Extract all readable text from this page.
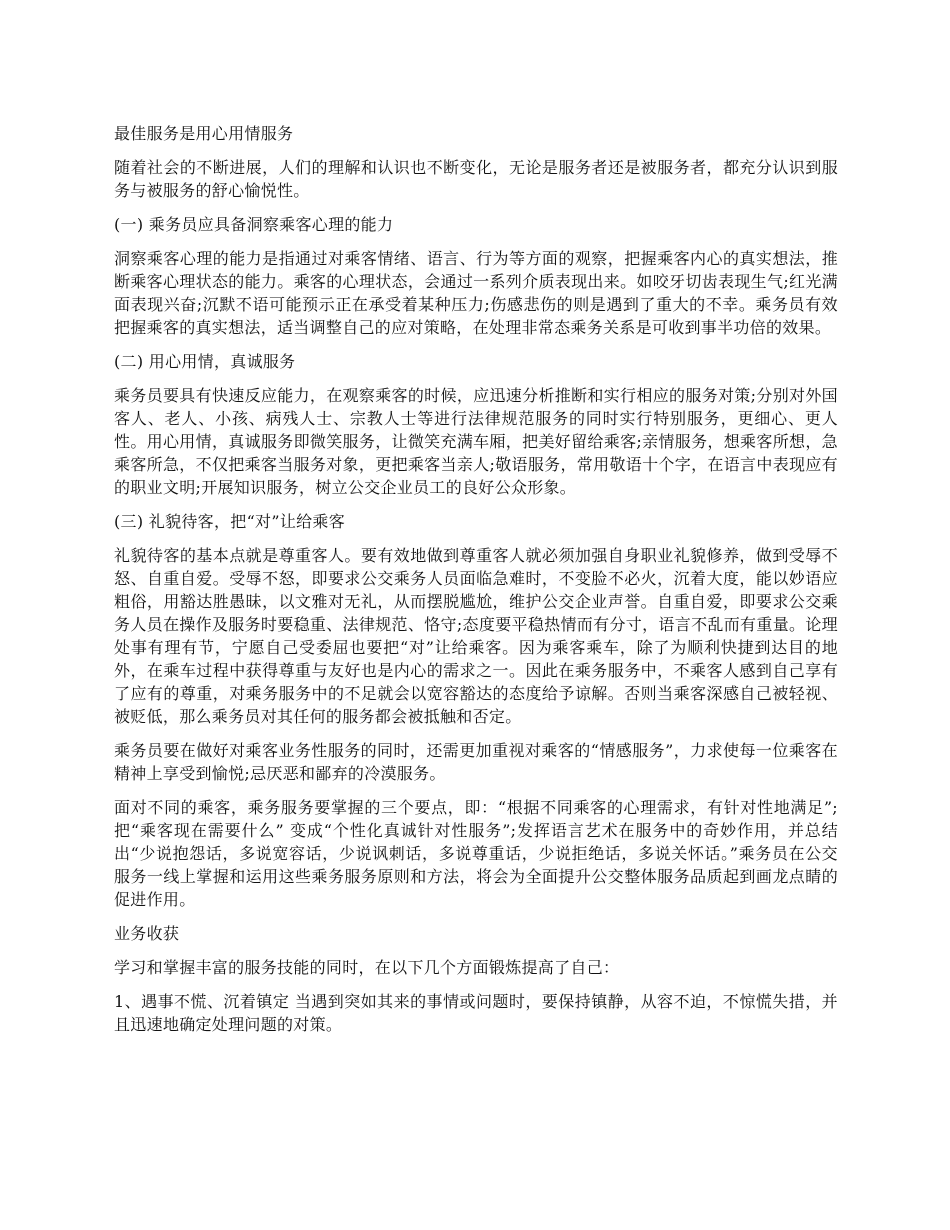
最佳服务是用心用情服务

随着社会的不断进展，人们的理解和认识也不断变化，无论是服务者还是被服务者，都充分认识到服务与被服务的舒心愉悦性。

(一) 乘务员应具备洞察乘客心理的能力

洞察乘客心理的能力是指通过对乘客情绪、语言、行为等方面的观察，把握乘客内心的真实想法，推断乘客心理状态的能力。乘客的心理状态，会通过一系列介质表现出来。如咬牙切齿表现生气;红光满面表现兴奋;沉默不语可能预示正在承受着某种压力;伤感悲伤的则是遇到了重大的不幸。乘务员有效把握乘客的真实想法，适当调整自己的应对策略，在处理非常态乘务关系是可收到事半功倍的效果。

(二) 用心用情，真诚服务

乘务员要具有快速反应能力，在观察乘客的时候，应迅速分析推断和实行相应的服务对策;分别对外国客人、老人、小孩、病残人士、宗教人士等进行法律规范服务的同时实行特别服务，更细心、更人性。用心用情，真诚服务即微笑服务，让微笑充满车厢，把美好留给乘客;亲情服务，想乘客所想，急乘客所急，不仅把乘客当服务对象，更把乘客当亲人;敬语服务，常用敬语十个字，在语言中表现应有的职业文明;开展知识服务，树立公交企业员工的良好公众形象。

(三) 礼貌待客，把“对”让给乘客

礼貌待客的基本点就是尊重客人。要有效地做到尊重客人就必须加强自身职业礼貌修养，做到受辱不怒、自重自爱。受辱不怒，即要求公交乘务人员面临急难时，不变脸不必火，沉着大度，能以妙语应粗俗，用豁达胜愚昧，以文雅对无礼，从而摆脱尴尬，维护公交企业声誉。自重自爱，即要求公交乘务人员在操作及服务时要稳重、法律规范、恪守;态度要平稳热情而有分寸，语言不乱而有重量。论理处事有理有节，宁愿自己受委屈也要把“对”让给乘客。因为乘客乘车，除了为顺利快捷到达目的地外，在乘车过程中获得尊重与友好也是内心的需求之一。因此在乘务服务中，不乘客人感到自己享有了应有的尊重，对乘务服务中的不足就会以宽容豁达的态度给予谅解。否则当乘客深感自己被轻视、被贬低，那么乘务员对其任何的服务都会被抵触和否定。

乘务员要在做好对乘客业务性服务的同时，还需更加重视对乘客的“情感服务”，力求使每一位乘客在精神上享受到愉悦;忌厌恶和鄙弃的冷漠服务。

面对不同的乘客，乘务服务要掌握的三个要点，即：“根据不同乘客的心理需求，有针对性地满足”;把“乘客现在需要什么” 变成“个性化真诚针对性服务”;发挥语言艺术在服务中的奇妙作用，并总结出“少说抱怨话，多说宽容话，少说讽刺话，多说尊重话，少说拒绝话，多说关怀话。”乘务员在公交服务一线上掌握和运用这些乘务服务原则和方法，将会为全面提升公交整体服务品质起到画龙点睛的促进作用。

业务收获

学习和掌握丰富的服务技能的同时，在以下几个方面锻炼提高了自己：

1、遇事不慌、沉着镇定 当遇到突如其来的事情或问题时，要保持镇静，从容不迫，不惊慌失措，并且迅速地确定处理问题的对策。
